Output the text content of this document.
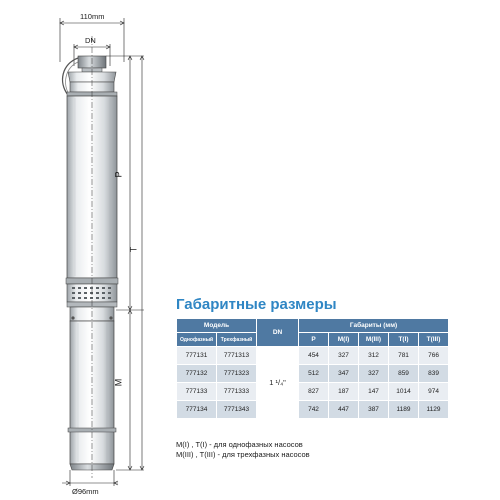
110mm
DN
P
T
M
Ø96mm
Габаритные размеры
Модель		DN	Габариты (мм)				
Однофазный	Трехфазный		P	M(I)	M(III)	T(I)	T(III)
777131	7771313	1 ¹/₄"	454	327	312	781	766
777132	7771323		512	347	327	859	839
777133	7771333		827	187	147	1014	974
777134	7771343		742	447	387	1189	1129
M(I) , T(I) - для однофазных насосов
M(III) , T(III) - для трехфазных насосов
